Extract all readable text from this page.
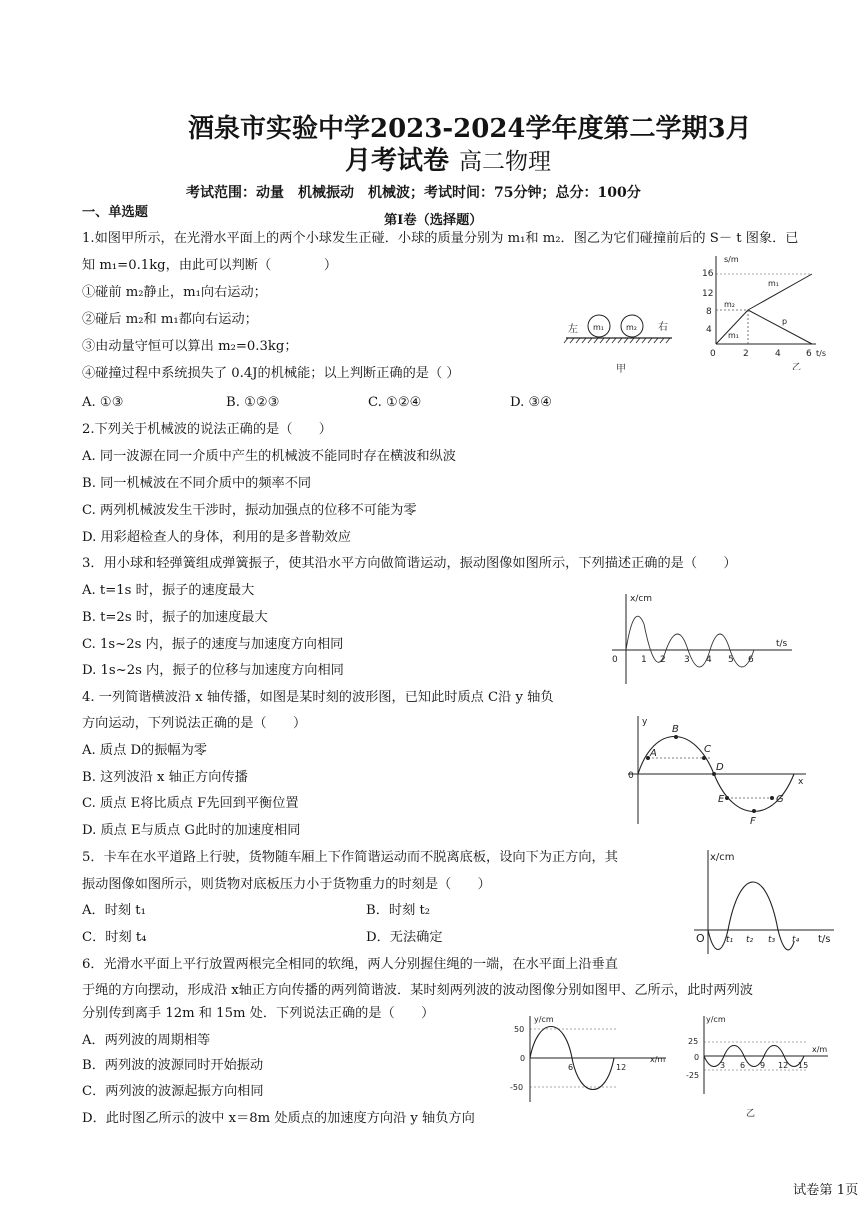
酒泉市实验中学2023-2024学年度第二学期3月
月考试卷 高二物理
考试范围：动量　机械振动　机械波；考试时间：75分钟；总分：100分
一、单选题
第Ⅰ卷（选择题）
1.如图甲所示，在光滑水平面上的两个小球发生正碰．小球的质量分别为 m₁和 m₂．图乙为它们碰撞前后的 S－ t 图象．已
知 m₁=0.1kg，由此可以判断（　　　　）
①碰前 m₂静止，m₁向右运动；
②碰后 m₂和 m₁都向右运动；
③由动量守恒可以算出 m₂=0.3kg；
④碰撞过程中系统损失了 0.4J的机械能；以上判断正确的是（ ）
A. ①③	B. ①②③	C. ①②④	D. ③④
左 m₁	m₂ 右
甲
s/m
16
12
8
4
0	2	4	6 t/s
m₁
m₂
m₁
p
乙
2.下列关于机械波的说法正确的是（　　）
A. 同一波源在同一介质中产生的机械波不能同时存在横波和纵波
B. 同一机械波在不同介质中的频率不同
C. 两列机械波发生干涉时，振动加强点的位移不可能为零
D. 用彩超检查人的身体，利用的是多普勒效应
3．用小球和轻弹簧组成弹簧振子，使其沿水平方向做简谐运动，振动图像如图所示，下列描述正确的是（　　）
A. t=1s 时，振子的速度最大
B. t=2s 时，振子的加速度最大
C. 1s~2s 内，振子的速度与加速度方向相同
D. 1s~2s 内，振子的位移与加速度方向相同
x/cm
t/s
0	1 2 3 4 5 6
4. 一列简谐横波沿 x 轴传播，如图是某时刻的波形图，已知此时质点 C沿 y 轴负
方向运动，下列说法正确的是（　　）
A. 质点 D的振幅为零
B. 这列波沿 x 轴正方向传播
C. 质点 E将比质点 F先回到平衡位置
D. 质点 E与质点 G此时的加速度相同
y
x
0
A
B
C
D
E
F
G
5．卡车在水平道路上行驶，货物随车厢上下作简谐运动而不脱离底板，设向下为正方向，其
振动图像如图所示，则货物对底板压力小于货物重力的时刻是（　　）
A．时刻 t₁	B．时刻 t₂
C．时刻 t₄	D．无法确定
x/cm
t/s
O t₁ t₂ t₃ t₄
6．光滑水平面上平行放置两根完全相同的软绳，两人分别握住绳的一端，在水平面上沿垂直
于绳的方向摆动，形成沿 x轴正方向传播的两列简谐波．某时刻两列波的波动图像分别如图甲、乙所示，此时两列波
分别传到离手 12m 和 15m 处．下列说法正确的是（　　）
A．两列波的周期相等
B．两列波的波源同时开始振动
C．两列波的波源起振方向相同
D．此时图乙所示的波中 x＝8m 处质点的加速度方向沿 y 轴负方向
y/cm
x/m
50
0
-50
6	12
y/cm
x/m
25
0
-25
3 6 9 12 15
乙
试卷第 1页
